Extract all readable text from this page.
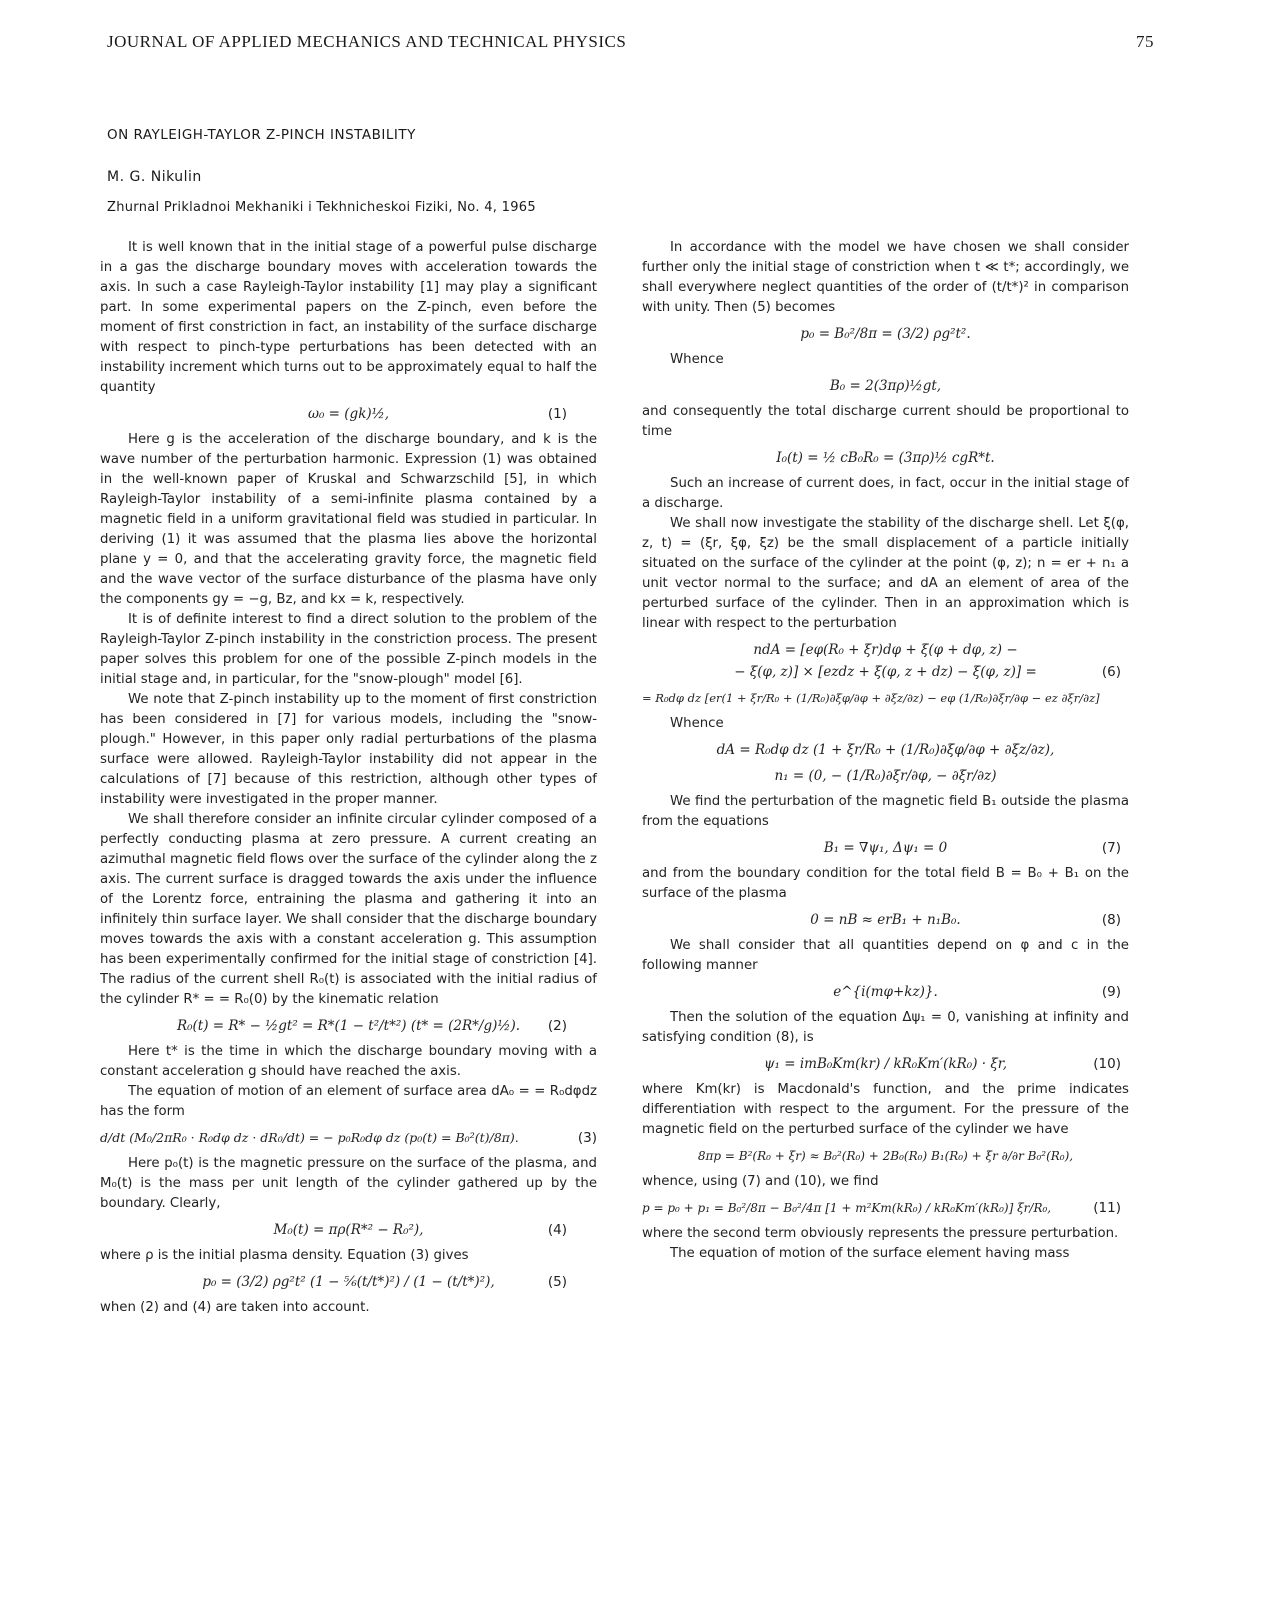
JOURNAL OF APPLIED MECHANICS AND TECHNICAL PHYSICS	75
ON RAYLEIGH-TAYLOR Z-PINCH INSTABILITY
M. G. Nikulin
Zhurnal Prikladnoi Mekhaniki i Tekhnicheskoi Fiziki, No. 4, 1965

It is well known that in the initial stage of a powerful pulse discharge in a gas the discharge boundary moves with acceleration towards the axis. In such a case Rayleigh-Taylor instability [1] may play a significant part. In some experimental papers on the Z-pinch, even before the moment of first constriction in fact, an instability of the surface discharge with respect to pinch-type perturbations has been detected with an instability increment which turns out to be approximately equal to half the quantity

ω₀ = (gk)½,	(1)

Here g is the acceleration of the discharge boundary, and k is the wave number of the perturbation harmonic. Expression (1) was obtained in the well-known paper of Kruskal and Schwarzschild [5], in which Rayleigh-Taylor instability of a semi-infinite plasma contained by a magnetic field in a uniform gravitational field was studied in particular. In deriving (1) it was assumed that the plasma lies above the horizontal plane y = 0, and that the accelerating gravity force, the magnetic field and the wave vector of the surface disturbance of the plasma have only the components gy = −g, Bz, and kx = k, respectively.

It is of definite interest to find a direct solution to the problem of the Rayleigh-Taylor Z-pinch instability in the constriction process. The present paper solves this problem for one of the possible Z-pinch models in the initial stage and, in particular, for the "snow-plough" model [6].

We note that Z-pinch instability up to the moment of first constriction has been considered in [7] for various models, including the "snow-plough." However, in this paper only radial perturbations of the plasma surface were allowed. Rayleigh-Taylor instability did not appear in the calculations of [7] because of this restriction, although other types of instability were investigated in the proper manner.

We shall therefore consider an infinite circular cylinder composed of a perfectly conducting plasma at zero pressure. A current creating an azimuthal magnetic field flows over the surface of the cylinder along the z axis. The current surface is dragged towards the axis under the influence of the Lorentz force, entraining the plasma and gathering it into an infinitely thin surface layer. We shall consider that the discharge boundary moves towards the axis with a constant acceleration g. This assumption has been experimentally confirmed for the initial stage of constriction [4]. The radius of the current shell R₀(t) is associated with the initial radius of the cylinder R* = = R₀(0) by the kinematic relation

R₀(t) = R* − ½gt² = R*(1 − t²/t*²) (t* = (2R*/g)½). (2)

Here t* is the time in which the discharge boundary moving with a constant acceleration g should have reached the axis.

The equation of motion of an element of surface area dA₀ = = R₀dφdz has the form

d/dt (M₀/2πR₀ · R₀dφ dz · dR₀/dt) = − p₀R₀dφ dz (p₀(t) = B₀²(t)/8π).	(3)

Here p₀(t) is the magnetic pressure on the surface of the plasma, and M₀(t) is the mass per unit length of the cylinder gathered up by the boundary. Clearly,

M₀(t) = πρ(R*² − R₀²),	(4)

where ρ is the initial plasma density. Equation (3) gives

p₀ = (3/2) ρg²t² (1 − ⁵⁄₆(t/t*)²) / (1 − (t/t*)²),	(5)

when (2) and (4) are taken into account.

In accordance with the model we have chosen we shall consider further only the initial stage of constriction when t ≪ t*; accordingly, we shall everywhere neglect quantities of the order of (t/t*)² in comparison with unity. Then (5) becomes

p₀ = B₀²/8π = (3/2) ρg²t².
Whence
B₀ = 2(3πρ)½gt,

and consequently the total discharge current should be proportional to time

I₀(t) = ½ cB₀R₀ = (3πρ)½ cgR*t.

Such an increase of current does, in fact, occur in the initial stage of a discharge.

We shall now investigate the stability of the discharge shell. Let ξ(φ, z, t) = (ξr, ξφ, ξz) be the small displacement of a particle initially situated on the surface of the cylinder at the point (φ, z); n = er + n₁ a unit vector normal to the surface; and dA an element of area of the perturbed surface of the cylinder. Then in an approximation which is linear with respect to the perturbation

ndA = [eφ(R₀ + ξr)dφ + ξ(φ + dφ, z) −
− ξ(φ, z)] × [ezdz + ξ(φ, z + dz) − ξ(φ, z)] =	(6)
= R₀dφ dz [er(1 + ξr/R₀ + (1/R₀)∂ξφ/∂φ + ∂ξz/∂z) − eφ (1/R₀)∂ξr/∂φ − ez ∂ξr/∂z]
Whence
dA = R₀dφ dz (1 + ξr/R₀ + (1/R₀)∂ξφ/∂φ + ∂ξz/∂z),
n₁ = (0, − (1/R₀)∂ξr/∂φ, − ∂ξr/∂z)

We find the perturbation of the magnetic field B₁ outside the plasma from the equations

B₁ = ∇ψ₁, Δψ₁ = 0	(7)

and from the boundary condition for the total field B = B₀ + B₁ on the surface of the plasma

0 = nB ≈ erB₁ + n₁B₀.	(8)

We shall consider that all quantities depend on φ and c in the following manner

e^{i(mφ+kz)}.	(9)

Then the solution of the equation Δψ₁ = 0, vanishing at infinity and satisfying condition (8), is

ψ₁ = imB₀Km(kr) / kR₀Km′(kR₀) · ξr,	(10)

where Km(kr) is Macdonald's function, and the prime indicates differentiation with respect to the argument. For the pressure of the magnetic field on the perturbed surface of the cylinder we have

8πp = B²(R₀ + ξr) ≈ B₀²(R₀) + 2B₀(R₀) B₁(R₀) + ξr ∂/∂r B₀²(R₀),

whence, using (7) and (10), we find

p = p₀ + p₁ = B₀²/8π − B₀²/4π [1 + m²Km(kR₀) / kR₀Km′(kR₀)] ξr/R₀,	(11)

where the second term obviously represents the pressure perturbation.

The equation of motion of the surface element having mass
